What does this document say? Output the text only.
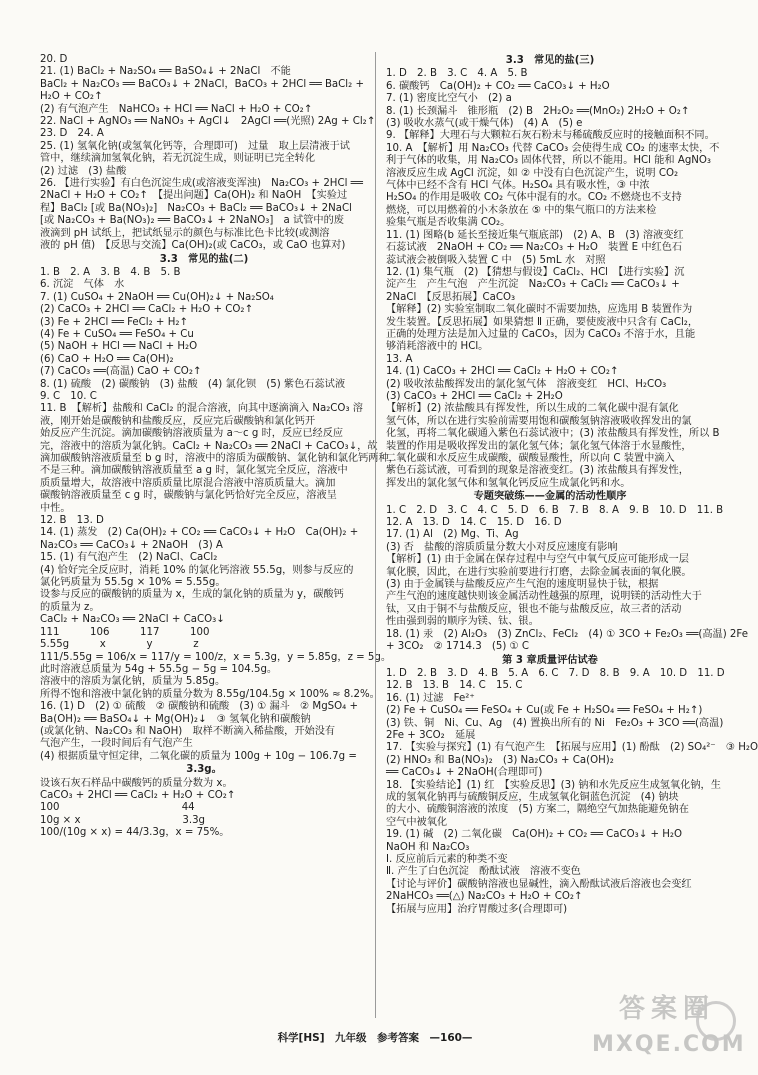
20. D
21. (1) BaCl₂ + Na₂SO₄ ══ BaSO₄↓ + 2NaCl　不能
BaCl₂ + Na₂CO₃ ══ BaCO₃↓ + 2NaCl，BaCO₃ + 2HCl ══ BaCl₂ +
H₂O + CO₂↑
(2) 有气泡产生　NaHCO₃ + HCl ══ NaCl + H₂O + CO₂↑
22. NaCl + AgNO₃ ══ NaNO₃ + AgCl↓　2AgCl ══(光照) 2Ag + Cl₂↑
23. D　24. A
25. (1) 氢氧化钠(或氢氧化钙等，合理即可)　过量　取上层清液于试
管中，继续滴加氢氧化钠，若无沉淀生成，则证明已完全转化
(2) 过滤　(3) 盐酸
26. 【进行实验】有白色沉淀生成(或溶液变浑浊)　Na₂CO₃ + 2HCl ══
2NaCl + H₂O + CO₂↑　【提出问题】Ca(OH)₂ 和 NaOH　【实验过
程】BaCl₂ [或 Ba(NO₃)₂]　Na₂CO₃ + BaCl₂ ══ BaCO₃↓ + 2NaCl
[或 Na₂CO₃ + Ba(NO₃)₂ ══ BaCO₃↓ + 2NaNO₃]　a 试管中的废
液滴到 pH 试纸上，把试纸显示的颜色与标准比色卡比较(或测溶
液的 pH 值)　【反思与交流】Ca(OH)₂(或 CaCO₃，或 CaO 也算对)
3.3　常见的盐(二)
1. B　2. A　3. B　4. B　5. B
6. 沉淀　气体　水
7. (1) CuSO₄ + 2NaOH ══ Cu(OH)₂↓ + Na₂SO₄
(2) CaCO₃ + 2HCl ══ CaCl₂ + H₂O + CO₂↑
(3) Fe + 2HCl ══ FeCl₂ + H₂↑
(4) Fe + CuSO₄ ══ FeSO₄ + Cu
(5) NaOH + HCl ══ NaCl + H₂O
(6) CaO + H₂O ══ Ca(OH)₂
(7) CaCO₃ ══(高温) CaO + CO₂↑
8. (1) 硫酸　(2) 碳酸钠　(3) 盐酸　(4) 氯化钡　(5) 紫色石蕊试液
9. C　10. C
11. B　【解析】盐酸和 CaCl₂ 的混合溶液，向其中逐滴滴入 Na₂CO₃ 溶
液，刚开始是碳酸钠和盐酸反应，反应完后碳酸钠和氯化钙开
始反应产生沉淀。滴加碳酸钠溶液质量为 a～c g 时，反应已经反应
完，溶液中的溶质为氯化钠。CaCl₂ + Na₂CO₃ ══ 2NaCl + CaCO₃↓，故
滴加碳酸钠溶液质量至 b g 时，溶液中的溶质为碳酸钠、氯化钠和氯化钙两种，
不是三种。滴加碳酸钠溶液质量至 a g 时，氯化氢完全反应，溶液中
质质量增大，故溶液中溶质质量比原混合溶液中溶质质量大。滴加
碳酸钠溶液质量至 c g 时，碳酸钠与氯化钙恰好完全反应，溶液呈
中性。
12. B　13. D
14. (1) 蒸发　(2) Ca(OH)₂ + CO₂ ══ CaCO₃↓ + H₂O　Ca(OH)₂ +
Na₂CO₃ ══ CaCO₃↓ + 2NaOH　(3) A
15. (1) 有气泡产生　(2) NaCl、CaCl₂
(4) 恰好完全反应时，消耗 10% 的氯化钙溶液 55.5g，则参与反应的
氯化钙质量为 55.5g × 10% = 5.55g。
设参与反应的碳酸钠的质量为 x，生成的氯化钠的质量为 y，碳酸钙
的质量为 z。
CaCl₂ + Na₂CO₃ ══ 2NaCl + CaCO₃↓
111　　　106　　　117　　　100
5.55g　　　x　　　　y　　　　z
111/5.55g = 106/x = 117/y = 100/z，x = 5.3g，y = 5.85g，z = 5g。
此时溶液总质量为 54g + 55.5g − 5g = 104.5g。
溶液中的溶质为氯化钠，质量为 5.85g。
所得不饱和溶液中氯化钠的质量分数为 8.55g/104.5g × 100% ≈ 8.2%。
16. (1) D　(2) ① 硫酸　② 碳酸钠和硫酸　(3) ① 漏斗　② MgSO₄ +
Ba(OH)₂ ══ BaSO₄↓ + Mg(OH)₂↓　③ 氢氧化钠和碳酸钠
(或氯化钠、Na₂CO₃ 和 NaOH)　取样不断滴入稀盐酸，开始没有
气泡产生，一段时间后有气泡产生
(4) 根据质量守恒定律，二氧化碳的质量为 100g + 10g − 106.7g =
3.3g。
设该石灰石样品中碳酸钙的质量分数为 x。
CaCO₃ + 2HCl ══ CaCl₂ + H₂O + CO₂↑
100　　　　　　　　　　　　44
10g × x　　　　　　　　　　3.3g
100/(10g × x) = 44/3.3g，x = 75%。
3.3　常见的盐(三)
1. D　2. B　3. C　4. A　5. B
6. 碳酸钙　Ca(OH)₂ + CO₂ ══ CaCO₃↓ + H₂O
7. (1) 密度比空气小　(2) a
8. (1) 长颈漏斗　锥形瓶　(2) B　2H₂O₂ ══(MnO₂) 2H₂O + O₂↑
(3) 吸收水蒸气(或干燥气体)　(4) A　(5) e
9. 【解释】大理石与大颗粒石灰石粉末与稀硫酸反应时的接触面积不同。
10. A　【解析】用 Na₂CO₃ 代替 CaCO₃ 会使得生成 CO₂ 的速率太快，不
利于气体的收集，用 Na₂CO₃ 固体代替，所以不能用。HCl 能和 AgNO₃
溶液反应生成 AgCl 沉淀，如 ② 中没有白色沉淀产生，说明 CO₂
气体中已经不含有 HCl 气体。H₂SO₄ 具有吸水性，③ 中浓
H₂SO₄ 的作用是吸收 CO₂ 气体中混有的水。CO₂ 不燃烧也不支持
燃烧，可以用燃着的小木条放在 ⑤ 中的集气瓶口的方法来检
验集气瓶是否收集满 CO₂。
11. (1) 图略(b 延长至接近集气瓶底部)　(2) A、B　(3) 溶液变红
石蕊试液　2NaOH + CO₂ ══ Na₂CO₃ + H₂O　装置 E 中红色石
蕊试液会被倒吸入装置 C 中　(5) 5mL 水　对照
12. (1) 集气瓶　(2) 【猜想与假设】CaCl₂、HCl　【进行实验】沉
淀产生　产生气泡　产生沉淀　Na₂CO₃ + CaCl₂ ══ CaCO₃↓ +
2NaCl　【反思拓展】CaCO₃
【解释】(2) 实验室制取二氧化碳时不需要加热，应选用 B 装置作为
发生装置。【反思拓展】如果猜想 Ⅱ 正确，要使废液中只含有 CaCl₂，
正确的处理方法是加入过量的 CaCO₃，因为 CaCO₃ 不溶于水，且能
够消耗溶液中的 HCl。
13. A
14. (1) CaCO₃ + 2HCl ══ CaCl₂ + H₂O + CO₂↑
(2) 吸收浓盐酸挥发出的氯化氢气体　溶液变红　HCl、H₂CO₃
(3) CaCO₃ + 2HCl ══ CaCl₂ + 2H₂O
【解析】(2) 浓盐酸具有挥发性，所以生成的二氧化碳中混有氯化
氢气体，所以在进行实验前需要用饱和碳酸氢钠溶液吸收挥发出的氯
化氢，再将二氧化碳通入紫色石蕊试液中；(3) 浓盐酸具有挥发性，所以 B
装置的作用是吸收挥发出的氯化氢气体；氯化氢气体溶于水显酸性，
二氧化碳和水反应生成碳酸，碳酸显酸性，所以向 C 装置中滴入
紫色石蕊试液，可看到的现象是溶液变红。(3) 浓盐酸具有挥发性，
挥发出的氯化氢气体和氢氧化钙反应生成氯化钙和水。
专题突破练——金属的活动性顺序
1. C　2. D　3. C　4. C　5. D　6. B　7. B　8. A　9. B　10. D　11. B
12. A　13. D　14. C　15. D　16. D
17. (1) Al　(2) Mg、Ti、Ag
(3) 否　盐酸的溶质质量分数大小对反应速度有影响
【解析】(1) 由于金属在保存过程中与空气中氧气反应可能形成一层
氧化膜，因此，在进行实验前要进行打磨，去除金属表面的氧化膜。
(3) 由于金属镁与盐酸反应产生气泡的速度明显快于钛，根据
产生气泡的速度越快则该金属活动性越强的原理，说明镁的活动性大于
钛，又由于铜不与盐酸反应，银也不能与盐酸反应，故三者的活动
性由强到弱的顺序为镁、钛、银。
18. (1) 汞　(2) Al₂O₃　(3) ZnCl₂、FeCl₂　(4) ① 3CO + Fe₂O₃ ══(高温) 2Fe
+ 3CO₂　② 1714.3　(5) ① C
第 3 章质量评估试卷
1. D　2. B　3. D　4. B　5. A　6. C　7. D　8. B　9. A　10. D　11. D
12. B　13. B　14. C　15. C
16. (1) 过滤　Fe²⁺
(2) Fe + CuSO₄ ══ FeSO₄ + Cu(或 Fe + H₂SO₄ ══ FeSO₄ + H₂↑)
(3) 铁、铜　Ni、Cu、Ag　(4) 置换出所有的 Ni　Fe₂O₃ + 3CO ══(高温)
2Fe + 3CO₂　延展
17. 【实验与探究】(1) 有气泡产生　【拓展与应用】(1) 酚酞　(2) SO₄²⁻　③ H₂O
(2) HNO₃ 和 Ba(NO₃)₂　(3) Na₂CO₃ + Ca(OH)₂
══ CaCO₃↓ + 2NaOH(合理即可)
18. 【实验结论】(1) 红　【实验反思】(3) 钠和水先反应生成氢氧化钠，生
成的氢氧化钠再与硫酸铜反应，生成氢氧化铜蓝色沉淀　(4) 钠块
的大小、硫酸铜溶液的浓度　(5) 方案二，隔绝空气加热能避免钠在
空气中被氧化
19. (1) 碱　(2) 二氧化碳　Ca(OH)₂ + CO₂ ══ CaCO₃↓ + H₂O
NaOH 和 Na₂CO₃
Ⅰ. 反应前后元素的种类不变
Ⅱ. 产生了白色沉淀　酚酞试液　溶液不变色
【讨论与评价】碳酸钠溶液也显碱性，滴入酚酞试液后溶液也会变红
2NaHCO₃ ══(△) Na₂CO₃ + H₂O + CO₂↑
【拓展与应用】治疗胃酸过多(合理即可)
科学[HS]　九年级　参考答案　—160—
答案圈
MXQE.COM
